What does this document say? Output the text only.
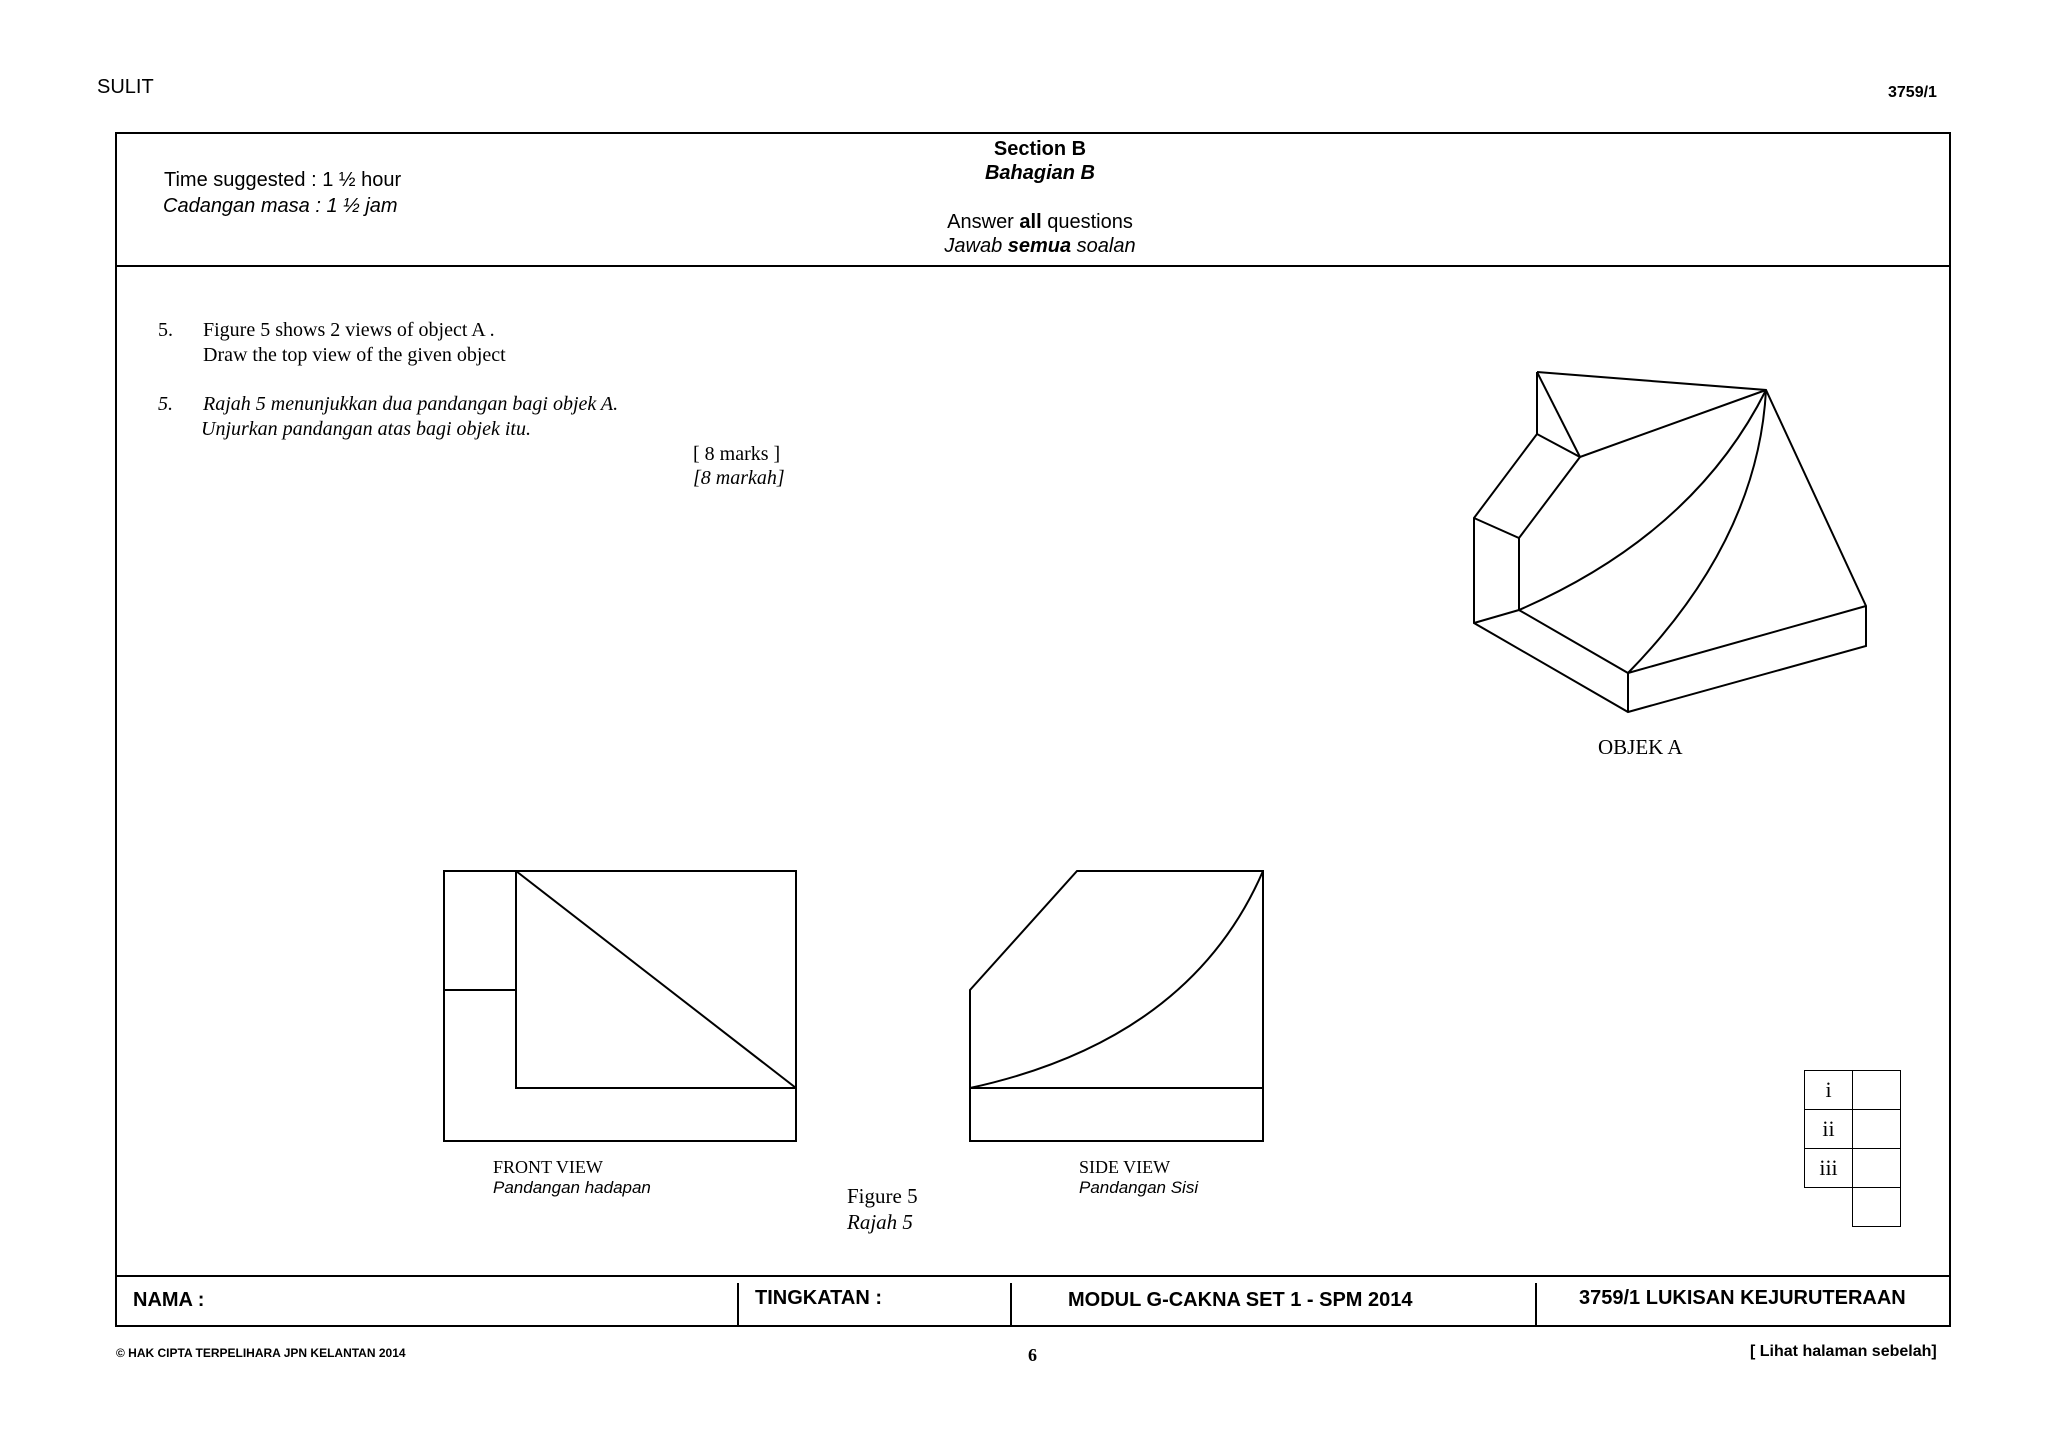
SULIT	3759/1
Time suggested : 1 ½ hour
Cadangan masa : 1 ½ jam
Section B
Bahagian B
Answer all questions
Jawab semua soalan
5. Figure 5 shows 2 views of object A .
Draw the top view of the given object
5. Rajah 5 menunjukkan dua pandangan bagi objek A.
Unjurkan pandangan atas bagi objek itu.
[ 8 marks ]
[8 markah]
OBJEK A
FRONT VIEW
Pandangan hadapan
SIDE VIEW
Pandangan Sisi
Figure 5
Rajah 5
i	
ii	
iii	

NAMA :	TINGKATAN :	MODUL G-CAKNA SET 1 - SPM 2014	3759/1 LUKISAN KEJURUTERAAN
© HAK CIPTA TERPELIHARA JPN KELANTAN 2014	6	[ Lihat halaman sebelah]
